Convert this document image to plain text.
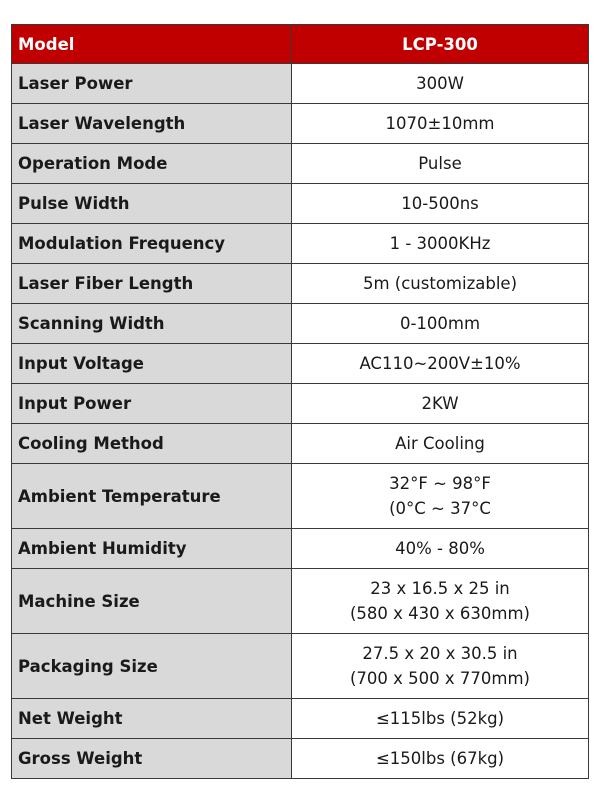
Model	LCP-300
Laser Power	300W

Laser Wavelength	1070±10mm

Operation Mode	Pulse

Pulse Width	10-500ns

Modulation Frequency	1 - 3000KHz

Laser Fiber Length	5m (customizable)

Scanning Width	0-100mm

Input Voltage	AC110~200V±10%

Input Power	2KW

Cooling Method	Air Cooling

Ambient Temperature	32°F ~ 98°F
(0°C ~ 37°C

Ambient Humidity	40% - 80%

Machine Size	23 x 16.5 x 25 in
(580 x 430 x 630mm)

Packaging Size	27.5 x 20 x 30.5 in
(700 x 500 x 770mm)

Net Weight	≤115lbs (52kg)

Gross Weight	≤150lbs (67kg)
